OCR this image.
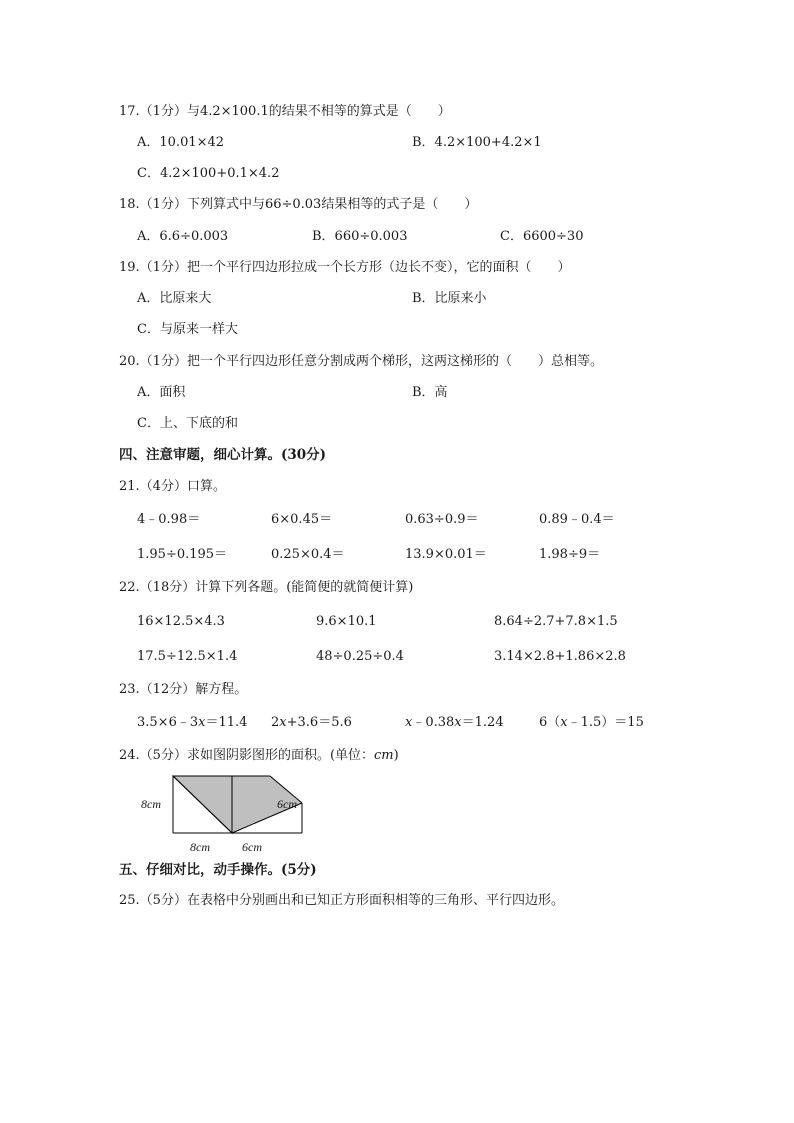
17.（1分）与4.2×100.1的结果不相等的算式是（　　）
A．10.01×42	B．4.2×100+4.2×1
C．4.2×100+0.1×4.2
18.（1分）下列算式中与66÷0.03结果相等的式子是（　　）
A．6.6÷0.003	B．660÷0.003	C．6600÷30
19.（1分）把一个平行四边形拉成一个长方形（边长不变），它的面积（　　）
A．比原来大	B．比原来小
C．与原来一样大
20.（1分）把一个平行四边形任意分割成两个梯形，这两这梯形的（　　）总相等。
A．面积	B．高
C．上、下底的和
四、注意审题，细心计算。(30分)
21.（4分）口算。
4﹣0.98＝	6×0.45＝	0.63÷0.9＝	0.89﹣0.4＝
1.95÷0.195＝	0.25×0.4＝	13.9×0.01＝	1.98÷9＝
22.（18分）计算下列各题。(能简便的就简便计算)
16×12.5×4.3	9.6×10.1	8.64÷2.7+7.8×1.5
17.5÷12.5×1.4	48÷0.25÷0.4	3.14×2.8+1.86×2.8
23.（12分）解方程。
3.5×6﹣3x＝11.4 2x+3.6＝5.6	x﹣0.38x＝1.24	6（x﹣1.5）＝15
24.（5分）求如图阴影图形的面积。(单位：cm)
8cm	6cm
8cm	6cm
五、仔细对比，动手操作。(5分)
25.（5分）在表格中分别画出和已知正方形面积相等的三角形、平行四边形。
